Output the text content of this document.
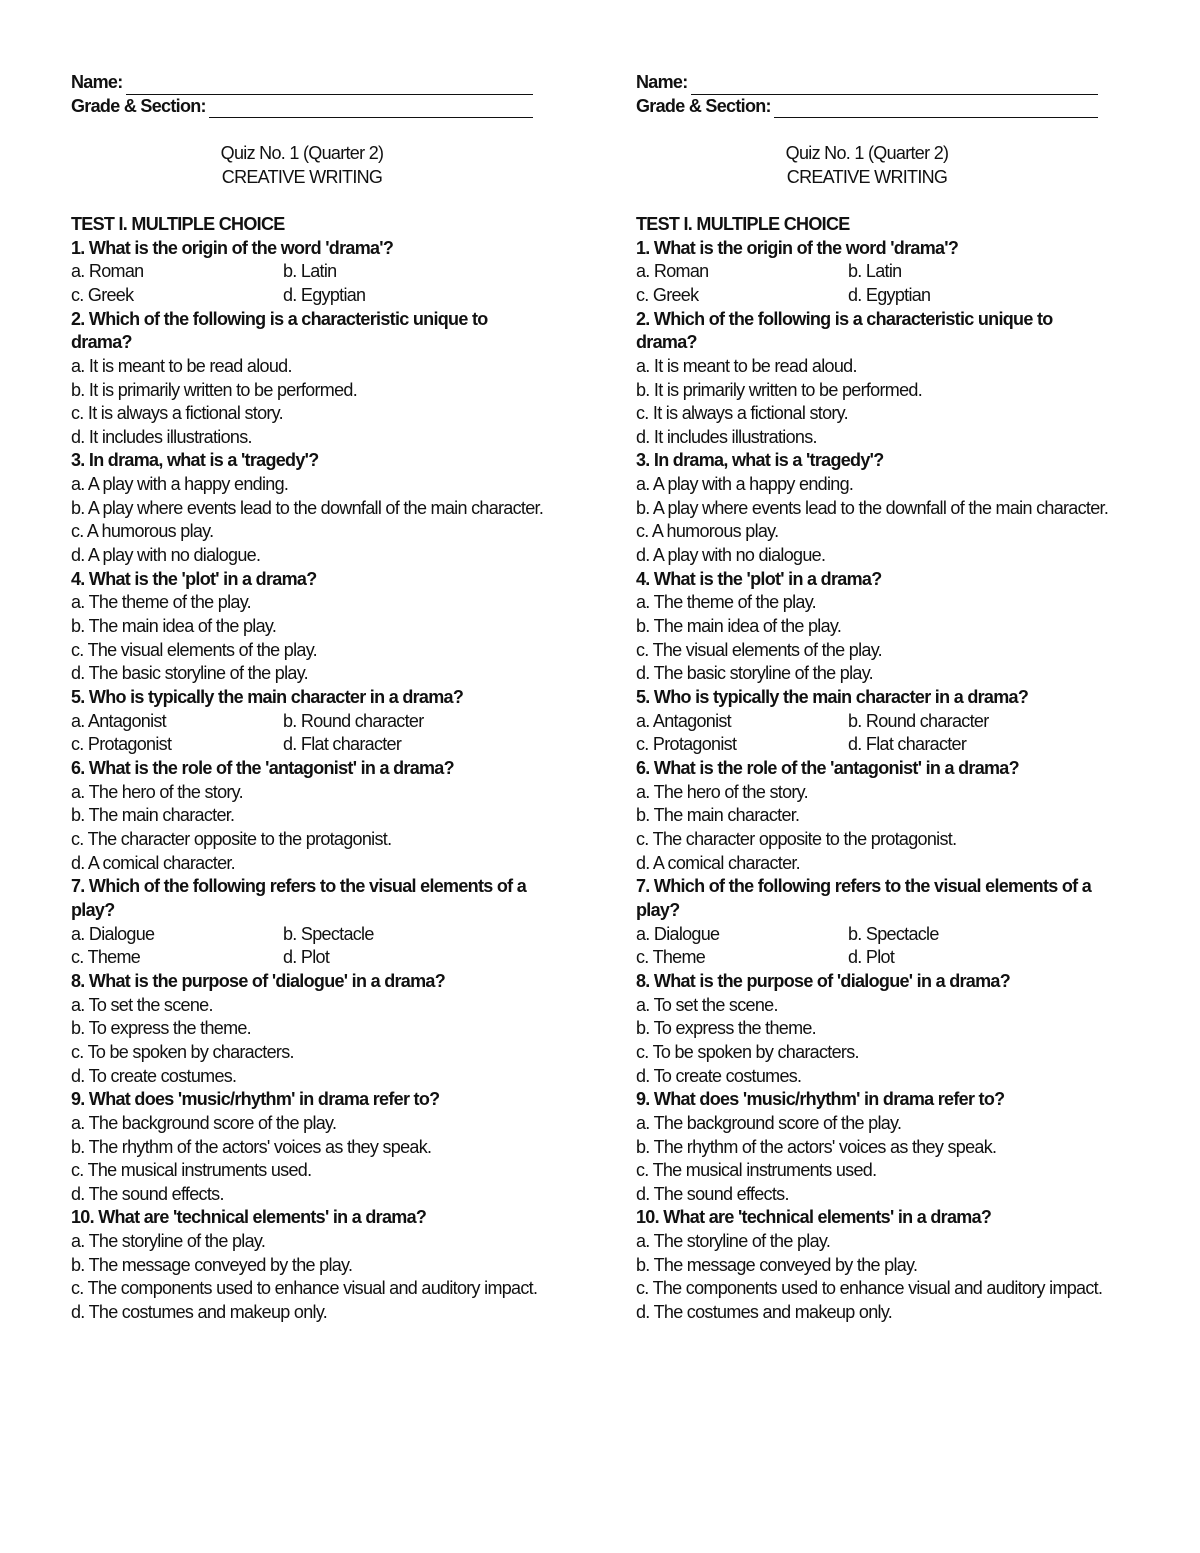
Name:
Grade & Section:
Quiz No. 1 (Quarter 2)
CREATIVE WRITING
TEST I. MULTIPLE CHOICE
1. What is the origin of the word 'drama'?
a. Roman	b. Latin
c. Greek	d. Egyptian
2. Which of the following is a characteristic unique to drama?
a. It is meant to be read aloud.
b. It is primarily written to be performed.
c. It is always a fictional story.
d. It includes illustrations.
3. In drama, what is a 'tragedy'?
a. A play with a happy ending.
b. A play where events lead to the downfall of the main character.
c. A humorous play.
d. A play with no dialogue.
4. What is the 'plot' in a drama?
a. The theme of the play.
b. The main idea of the play.
c. The visual elements of the play.
d. The basic storyline of the play.
5. Who is typically the main character in a drama?
a. Antagonist	b. Round character
c. Protagonist	d. Flat character
6. What is the role of the 'antagonist' in a drama?
a. The hero of the story.
b. The main character.
c. The character opposite to the protagonist.
d. A comical character.
7. Which of the following refers to the visual elements of a
play?
a. Dialogue	b. Spectacle
c. Theme	d. Plot
8. What is the purpose of 'dialogue' in a drama?
a. To set the scene.
b. To express the theme.
c. To be spoken by characters.
d. To create costumes.
9. What does 'music/rhythm' in drama refer to?
a. The background score of the play.
b. The rhythm of the actors' voices as they speak.
c. The musical instruments used.
d. The sound effects.
10. What are 'technical elements' in a drama?
a. The storyline of the play.
b. The message conveyed by the play.
c. The components used to enhance visual and auditory impact.
d. The costumes and makeup only.
Name:
Grade & Section:
Quiz No. 1 (Quarter 2)
CREATIVE WRITING
TEST I. MULTIPLE CHOICE
1. What is the origin of the word 'drama'?
a. Roman	b. Latin
c. Greek	d. Egyptian
2. Which of the following is a characteristic unique to drama?
a. It is meant to be read aloud.
b. It is primarily written to be performed.
c. It is always a fictional story.
d. It includes illustrations.
3. In drama, what is a 'tragedy'?
a. A play with a happy ending.
b. A play where events lead to the downfall of the main character.
c. A humorous play.
d. A play with no dialogue.
4. What is the 'plot' in a drama?
a. The theme of the play.
b. The main idea of the play.
c. The visual elements of the play.
d. The basic storyline of the play.
5. Who is typically the main character in a drama?
a. Antagonist	b. Round character
c. Protagonist	d. Flat character
6. What is the role of the 'antagonist' in a drama?
a. The hero of the story.
b. The main character.
c. The character opposite to the protagonist.
d. A comical character.
7. Which of the following refers to the visual elements of a
play?
a. Dialogue	b. Spectacle
c. Theme	d. Plot
8. What is the purpose of 'dialogue' in a drama?
a. To set the scene.
b. To express the theme.
c. To be spoken by characters.
d. To create costumes.
9. What does 'music/rhythm' in drama refer to?
a. The background score of the play.
b. The rhythm of the actors' voices as they speak.
c. The musical instruments used.
d. The sound effects.
10. What are 'technical elements' in a drama?
a. The storyline of the play.
b. The message conveyed by the play.
c. The components used to enhance visual and auditory impact.
d. The costumes and makeup only.
